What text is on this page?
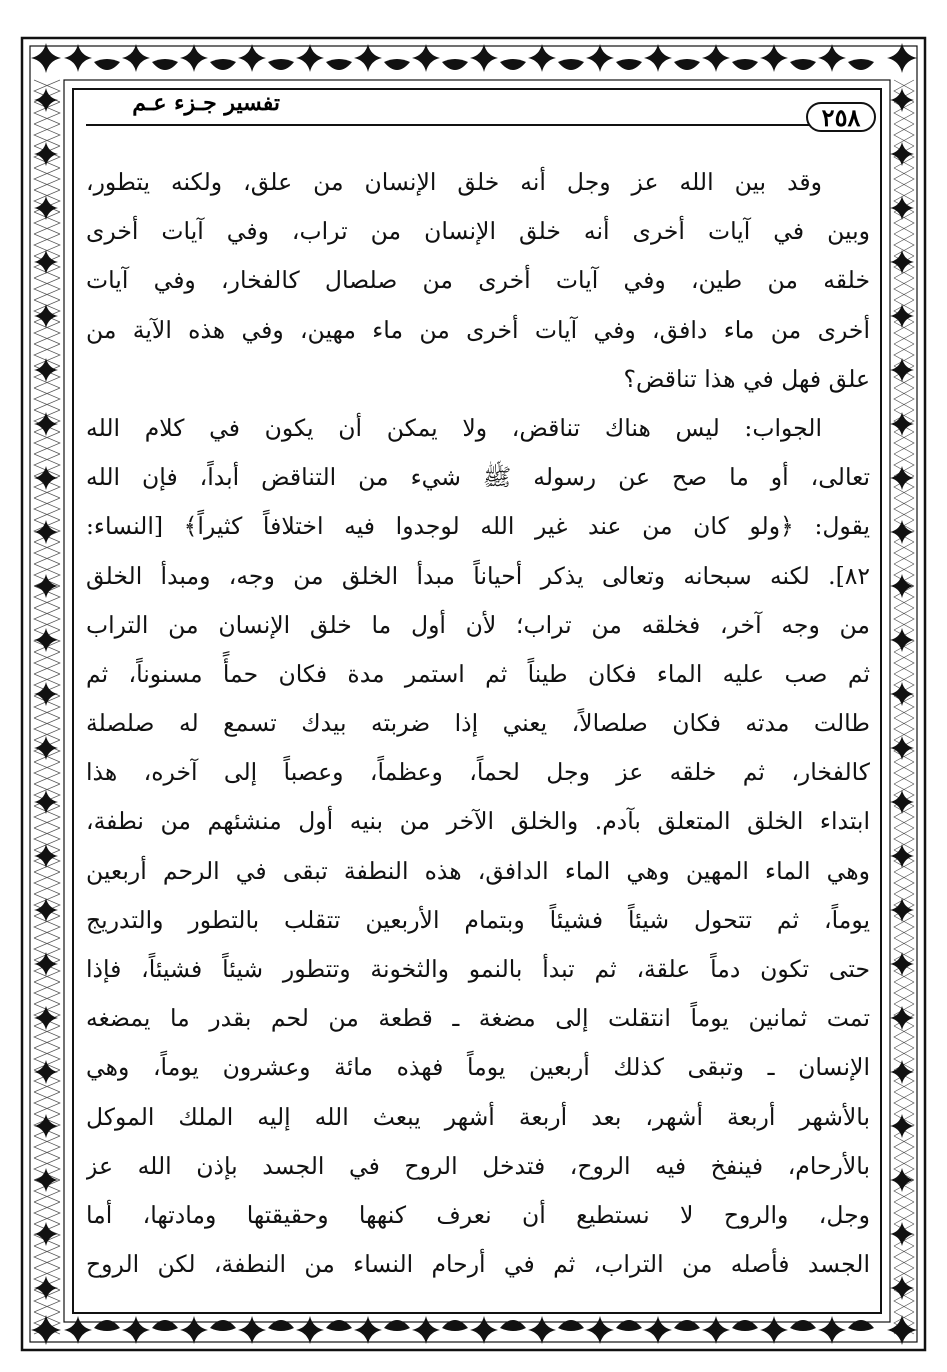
٢٥٨
تفسير جـزء عـم
وقد بين الله عز وجل أنه خلق الإنسان من علق، ولكنه يتطور،
وبين في آيات أخرى أنه خلق الإنسان من تراب، وفي آيات أخرى
خلقه من طين، وفي آيات أخرى من صلصال كالفخار، وفي آيات
أخرى من ماء دافق، وفي آيات أخرى من ماء مهين، وفي هذه الآية من
علق فهل في هذا تناقض؟
الجواب: ليس هناك تناقض، ولا يمكن أن يكون في كلام الله
تعالى، أو ما صح عن رسوله ﷺ شيء من التناقض أبداً، فإن الله
يقول: ﴿ولو كان من عند غير الله لوجدوا فيه اختلافاً كثيراً﴾ [النساء:
٨٢]. لكنه سبحانه وتعالى يذكر أحياناً مبدأ الخلق من وجه، ومبدأ الخلق
من وجه آخر، فخلقه من تراب؛ لأن أول ما خلق الإنسان من التراب
ثم صب عليه الماء فكان طيناً ثم استمر مدة فكان حمأً مسنوناً، ثم
طالت مدته فكان صلصالاً، يعني إذا ضربته بيدك تسمع له صلصلة
كالفخار، ثم خلقه عز وجل لحماً، وعظماً، وعصباً إلى آخره، هذا
ابتداء الخلق المتعلق بآدم. والخلق الآخر من بنيه أول منشئهم من نطفة،
وهي الماء المهين وهي الماء الدافق، هذه النطفة تبقى في الرحم أربعين
يوماً، ثم تتحول شيئاً فشيئاً وبتمام الأربعين تتقلب بالتطور والتدريج
حتى تكون دماً علقة، ثم تبدأ بالنمو والثخونة وتتطور شيئاً فشيئاً، فإذا
تمت ثمانين يوماً انتقلت إلى مضغة ـ قطعة من لحم بقدر ما يمضغه
الإنسان ـ وتبقى كذلك أربعين يوماً فهذه مائة وعشرون يوماً، وهي
بالأشهر أربعة أشهر، بعد أربعة أشهر يبعث الله إليه الملك الموكل
بالأرحام، فينفخ فيه الروح، فتدخل الروح في الجسد بإذن الله عز
وجل، والروح لا نستطيع أن نعرف كنهها وحقيقتها ومادتها، أما
الجسد فأصله من التراب، ثم في أرحام النساء من النطفة، لكن الروح
